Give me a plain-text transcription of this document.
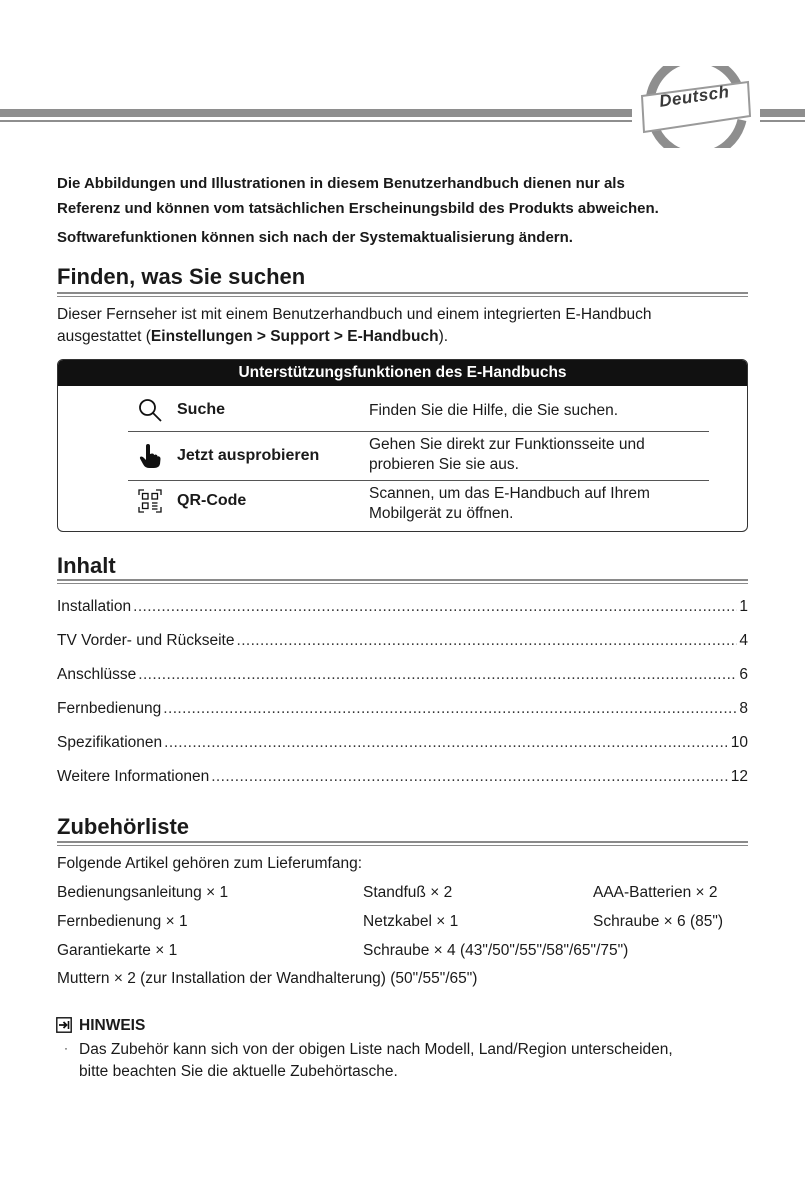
Deutsch
Die Abbildungen und Illustrationen in diesem Benutzerhandbuch dienen nur als
Referenz und können vom tatsächlichen Erscheinungsbild des Produkts abweichen.
Softwarefunktionen können sich nach der Systemaktualisierung ändern.
Finden, was Sie suchen
Dieser Fernseher ist mit einem Benutzerhandbuch und einem integrierten E-Handbuch
ausgestattet (Einstellungen > Support > E-Handbuch).
Unterstützungsfunktionen des E-Handbuchs
Suche	Finden Sie die Hilfe, die Sie suchen.
Jetzt ausprobieren
Gehen Sie direkt zur Funktionsseite und
probieren Sie sie aus.
QR-Code	Scannen, um das E-Handbuch auf Ihrem
Mobilgerät zu öffnen.
Inhalt
Installation .....	1
TV Vorder- und Rückseite .....	4
Anschlüsse .....	6
Fernbedienung .....	8
Spezifikationen .....	10
Weitere Informationen .....	12
Zubehörliste
Folgende Artikel gehören zum Lieferumfang:
Bedienungsanleitung × 1	Standfuß × 2	AAA-Batterien × 2
Fernbedienung × 1	Netzkabel × 1	Schraube × 6 (85")
Garantiekarte × 1	Schraube × 4 (43"/50"/55"/58"/65"/75")
Muttern × 2 (zur Installation der Wandhalterung) (50"/55"/65")
HINWEIS
· Das Zubehör kann sich von der obigen Liste nach Modell, Land/Region unterscheiden,
bitte beachten Sie die aktuelle Zubehörtasche.
